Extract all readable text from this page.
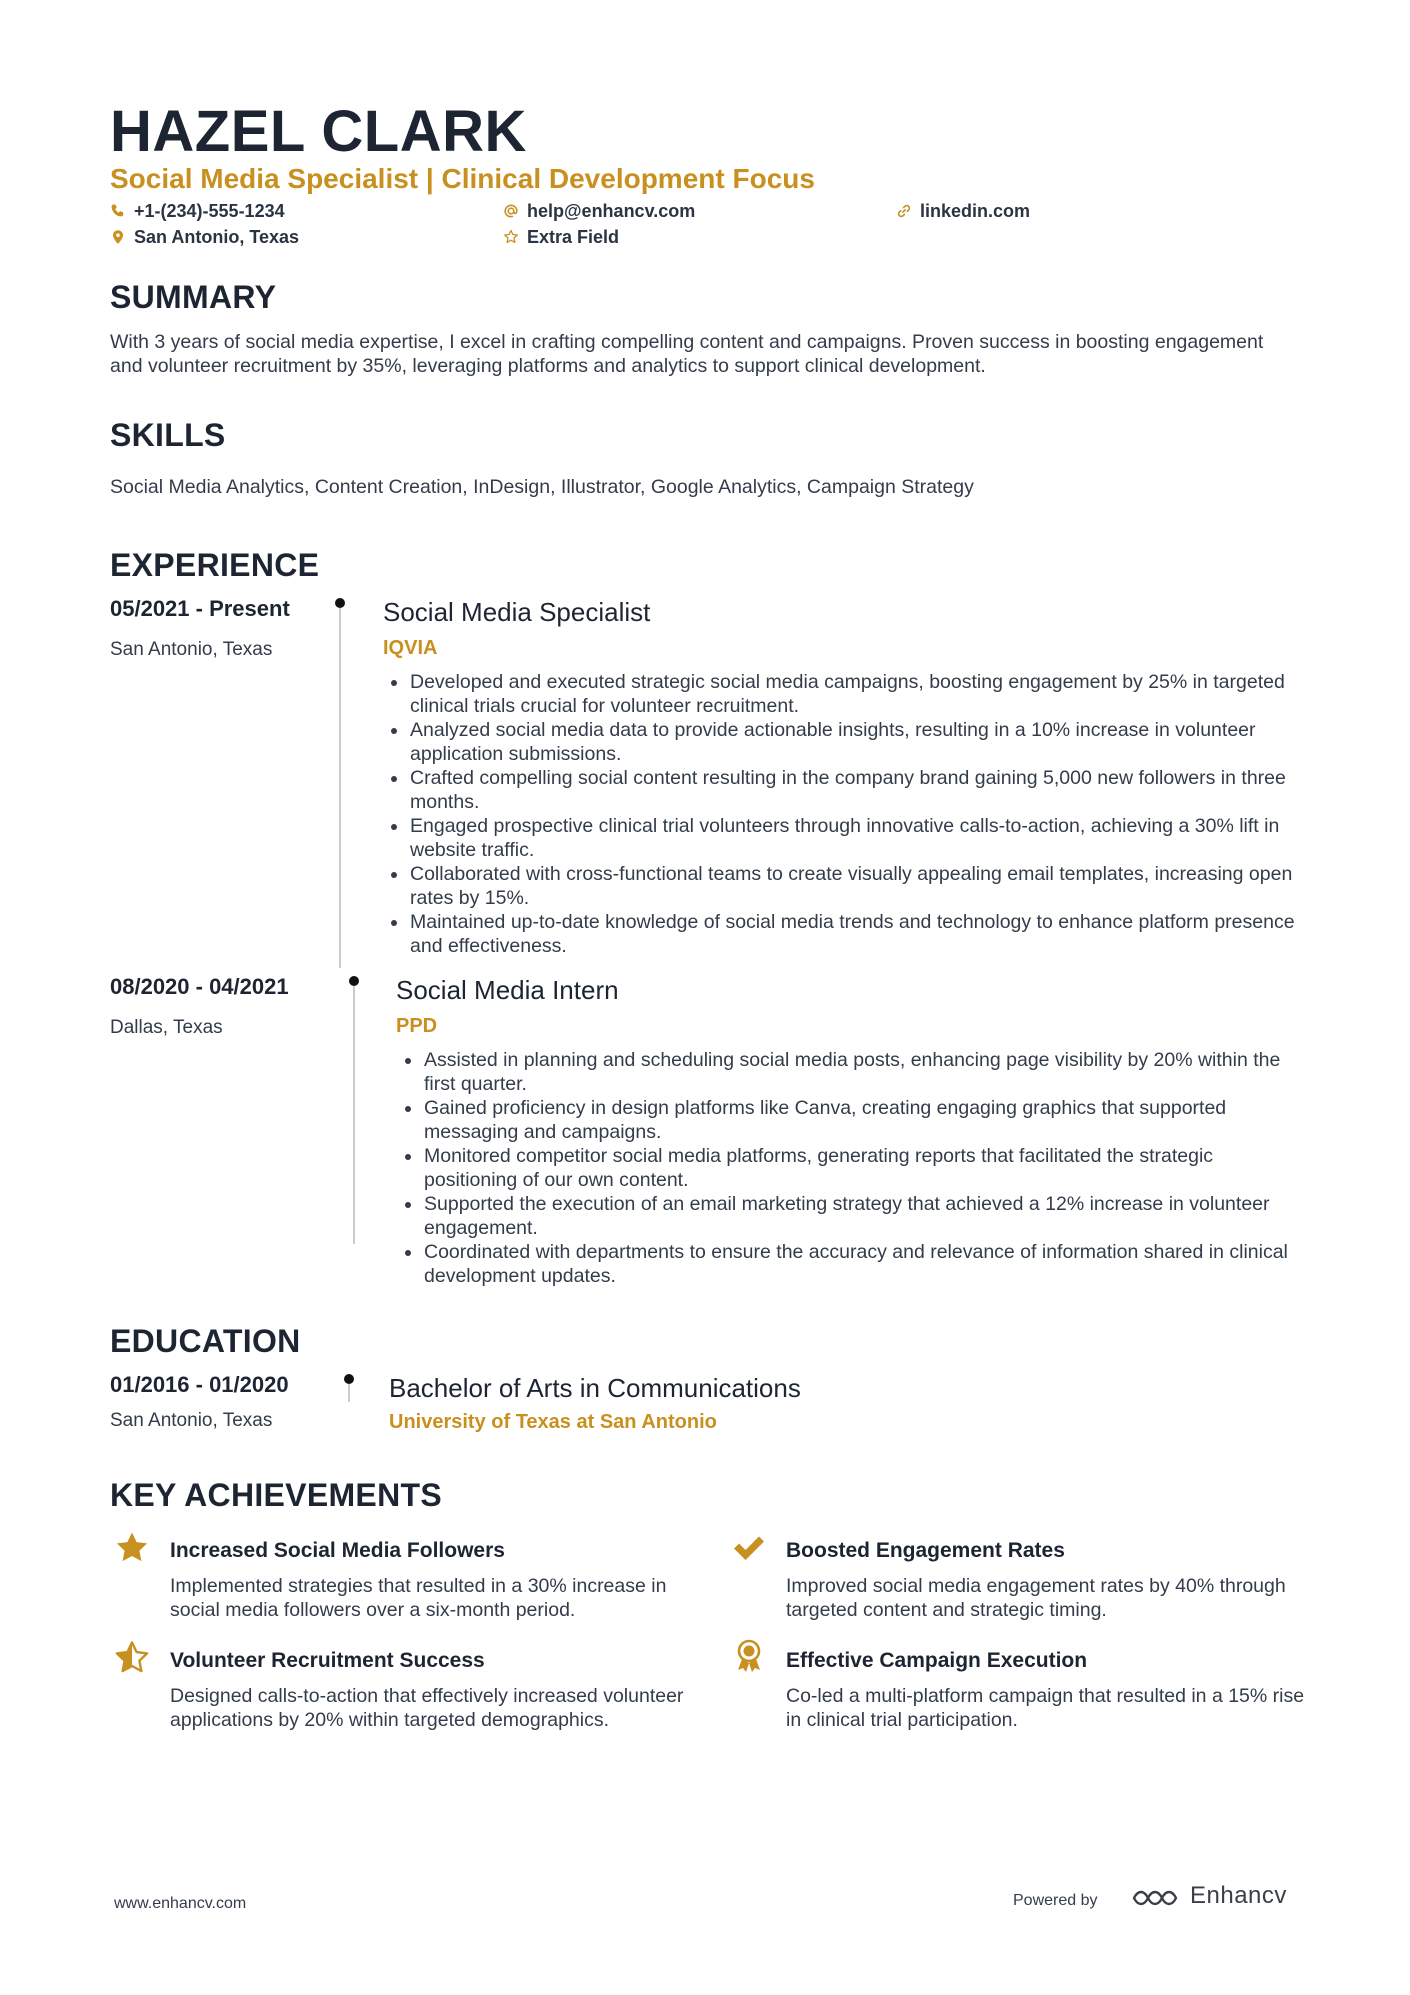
HAZEL CLARK
Social Media Specialist | Clinical Development Focus
+1-(234)-555-1234	help@enhancv.com	linkedin.com
San Antonio, Texas	Extra Field
SUMMARY

With 3 years of social media expertise, I excel in crafting compelling content and campaigns. Proven success in boosting engagement and volunteer recruitment by 35%, leveraging platforms and analytics to support clinical development.

SKILLS

Social Media Analytics, Content Creation, InDesign, Illustrator, Google Analytics, Campaign Strategy

EXPERIENCE
05/2021 - Present
San Antonio, Texas
Social Media Specialist
IQVIA
Developed and executed strategic social media campaigns, boosting engagement by 25% in targeted clinical trials crucial for volunteer recruitment.
Analyzed social media data to provide actionable insights, resulting in a 10% increase in volunteer application submissions.
Crafted compelling social content resulting in the company brand gaining 5,000 new followers in three months.
Engaged prospective clinical trial volunteers through innovative calls-to-action, achieving a 30% lift in website traffic.
Collaborated with cross-functional teams to create visually appealing email templates, increasing open rates by 15%.
Maintained up-to-date knowledge of social media trends and technology to enhance platform presence and effectiveness.
08/2020 - 04/2021
Dallas, Texas
Social Media Intern
PPD
Assisted in planning and scheduling social media posts, enhancing page visibility by 20% within the first quarter.
Gained proficiency in design platforms like Canva, creating engaging graphics that supported messaging and campaigns.
Monitored competitor social media platforms, generating reports that facilitated the strategic positioning of our own content.
Supported the execution of an email marketing strategy that achieved a 12% increase in volunteer engagement.
Coordinated with departments to ensure the accuracy and relevance of information shared in clinical development updates.
EDUCATION
01/2016 - 01/2020
San Antonio, Texas
Bachelor of Arts in Communications
University of Texas at San Antonio
KEY ACHIEVEMENTS
Increased Social Media Followers
Implemented strategies that resulted in a 30% increase in social media followers over a six-month period.
Boosted Engagement Rates
Improved social media engagement rates by 40% through targeted content and strategic timing.
Volunteer Recruitment Success
Designed calls-to-action that effectively increased volunteer applications by 20% within targeted demographics.
Effective Campaign Execution
Co-led a multi-platform campaign that resulted in a 15% rise in clinical trial participation.
www.enhancv.com	Powered by	Enhancv
